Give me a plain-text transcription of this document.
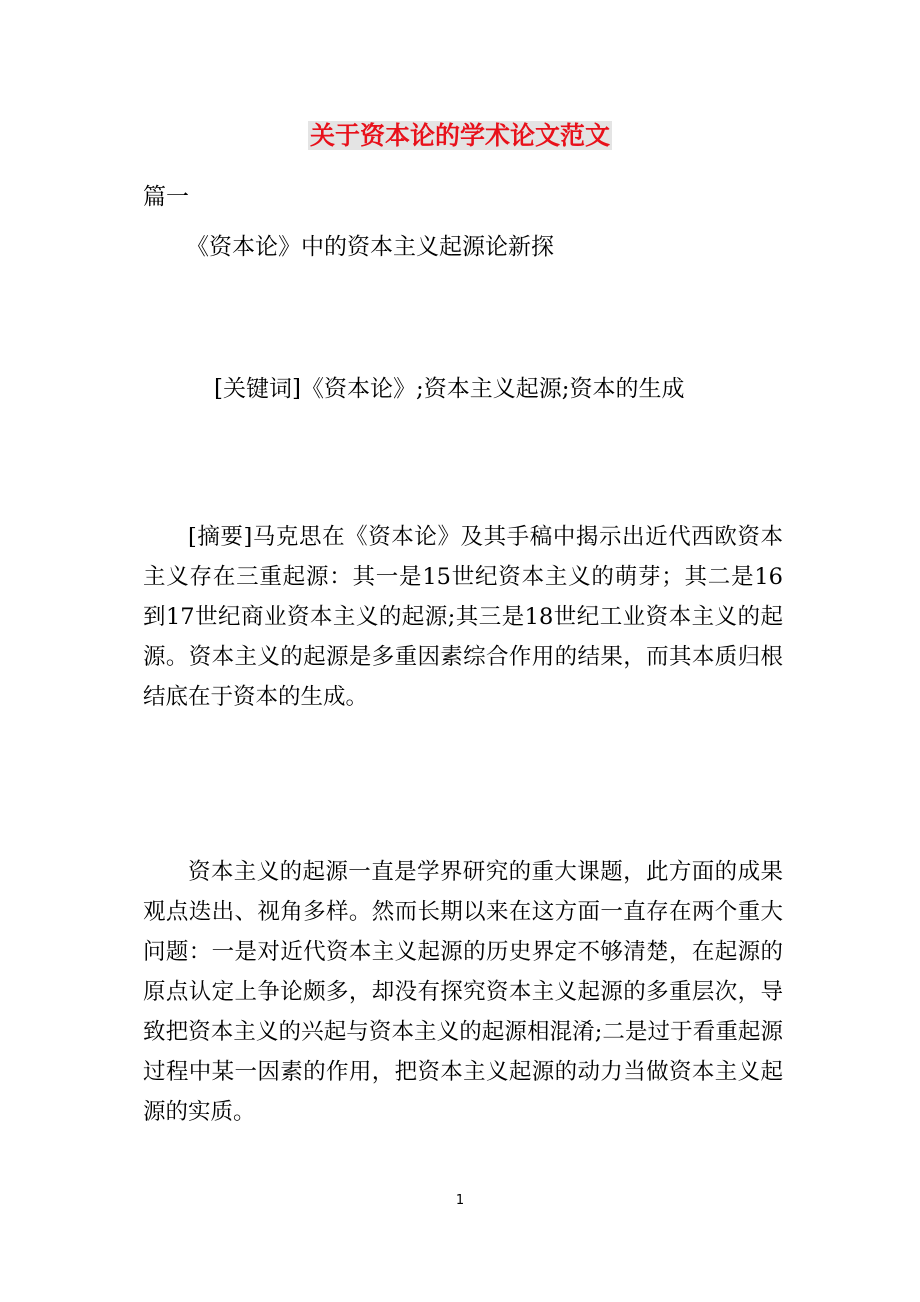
关于资本论的学术论文范文
篇一
《资本论》中的资本主义起源论新探
[关键词]《资本论》;资本主义起源;资本的生成

[摘要]马克思在《资本论》及其手稿中揭示出近代西欧资本主义存在三重起源：其一是15世纪资本主义的萌芽；其二是16到17世纪商业资本主义的起源;其三是18世纪工业资本主义的起源。资本主义的起源是多重因素综合作用的结果，而其本质归根结底在于资本的生成。

资本主义的起源一直是学界研究的重大课题，此方面的成果观点迭出、视角多样。然而长期以来在这方面一直存在两个重大问题：一是对近代资本主义起源的历史界定不够清楚，在起源的原点认定上争论颇多，却没有探究资本主义起源的多重层次，导致把资本主义的兴起与资本主义的起源相混淆;二是过于看重起源过程中某一因素的作用，把资本主义起源的动力当做资本主义起源的实质。

1
